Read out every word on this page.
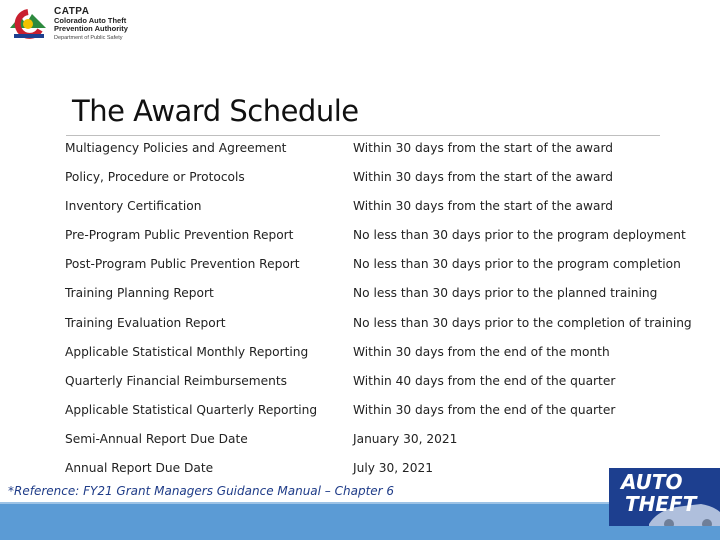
CATPA
Colorado Auto Theft
Prevention Authority
Department of Public Safety
The Award Schedule
Multiagency Policies and Agreement	Within 30 days from the start of the award
Policy, Procedure or Protocols	Within 30 days from the start of the award
Inventory Certification	Within 30 days from the start of the award
Pre-Program Public Prevention Report	No less than 30 days prior to the program deployment
Post-Program Public Prevention Report	No less than 30 days prior to the program completion
Training Planning Report	No less than 30 days prior to the planned training
Training Evaluation Report	No less than 30 days prior to the completion of training
Applicable Statistical Monthly Reporting	Within 30 days from the end of the month
Quarterly Financial Reimbursements	Within 40 days from the end of the quarter
Applicable Statistical Quarterly Reporting	Within 30 days from the end of the quarter
Semi-Annual Report Due Date	January 30, 2021
Annual Report Due Date	July 30, 2021
*Reference: FY21 Grant Managers Guidance Manual – Chapter 6	AUTO
THEFT
